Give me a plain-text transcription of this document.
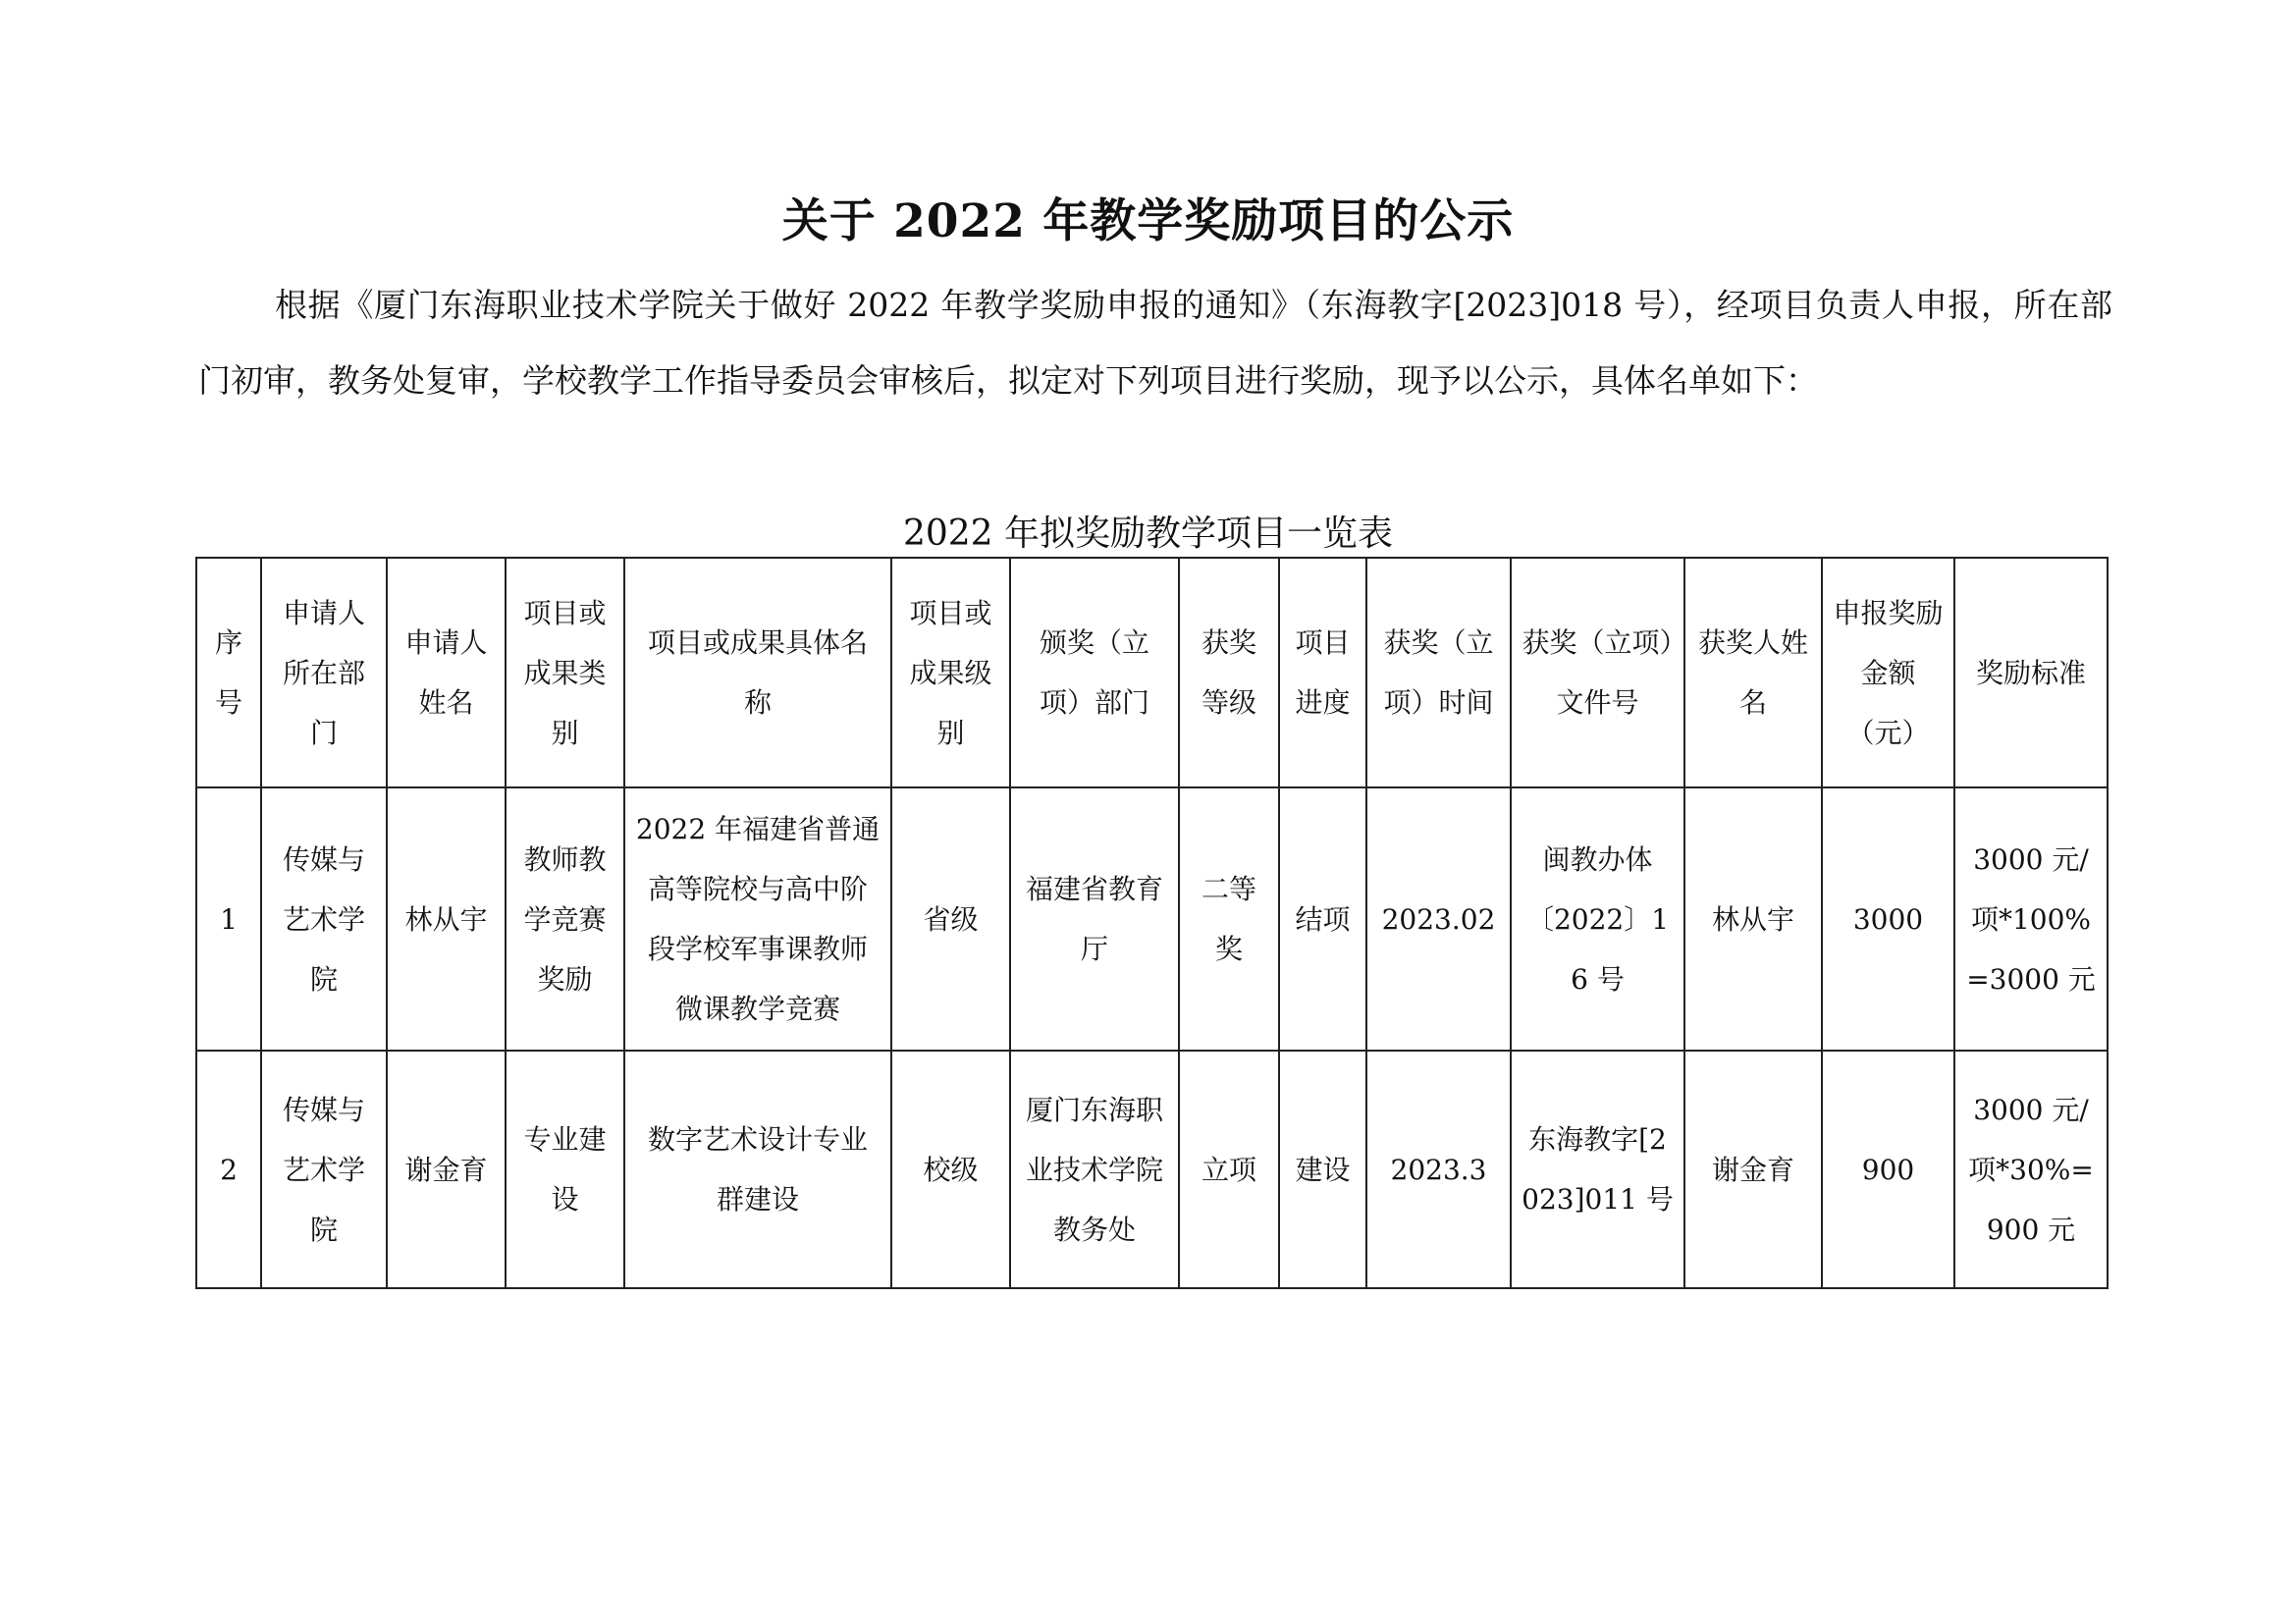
关于 2022 年教学奖励项目的公示

根据《厦门东海职业技术学院关于做好 2022 年教学奖励申报的通知》（东海教字[2023]018 号），经项目负责人申报，所在部门初审，教务处复审，学校教学工作指导委员会审核后，拟定对下列项目进行奖励，现予以公示，具体名单如下：

2022 年拟奖励教学项目一览表
序号	申请人所在部门	申请人姓名	项目或成果类别	项目或成果具体名称	项目或成果级别	颁奖（立项）部门	获奖等级	项目进度	获奖（立项）时间	获奖（立项）文件号	获奖人姓名	申报奖励金额（元）	奖励标准
1	传媒与艺术学院	林从宇	教师教学竞赛奖励	2022 年福建省普通高等院校与高中阶段学校军事课教师微课教学竞赛	省级	福建省教育厅	二等奖	结项	2023.02	闽教办体〔2022〕16 号	林从宇	3000	3000 元/项*100%=3000 元
2	传媒与艺术学院	谢金育	专业建设	数字艺术设计专业群建设	校级	厦门东海职业技术学院教务处	立项	建设	2023.3	东海教字[2023]011 号	谢金育	900	3000 元/项*30%=900 元
